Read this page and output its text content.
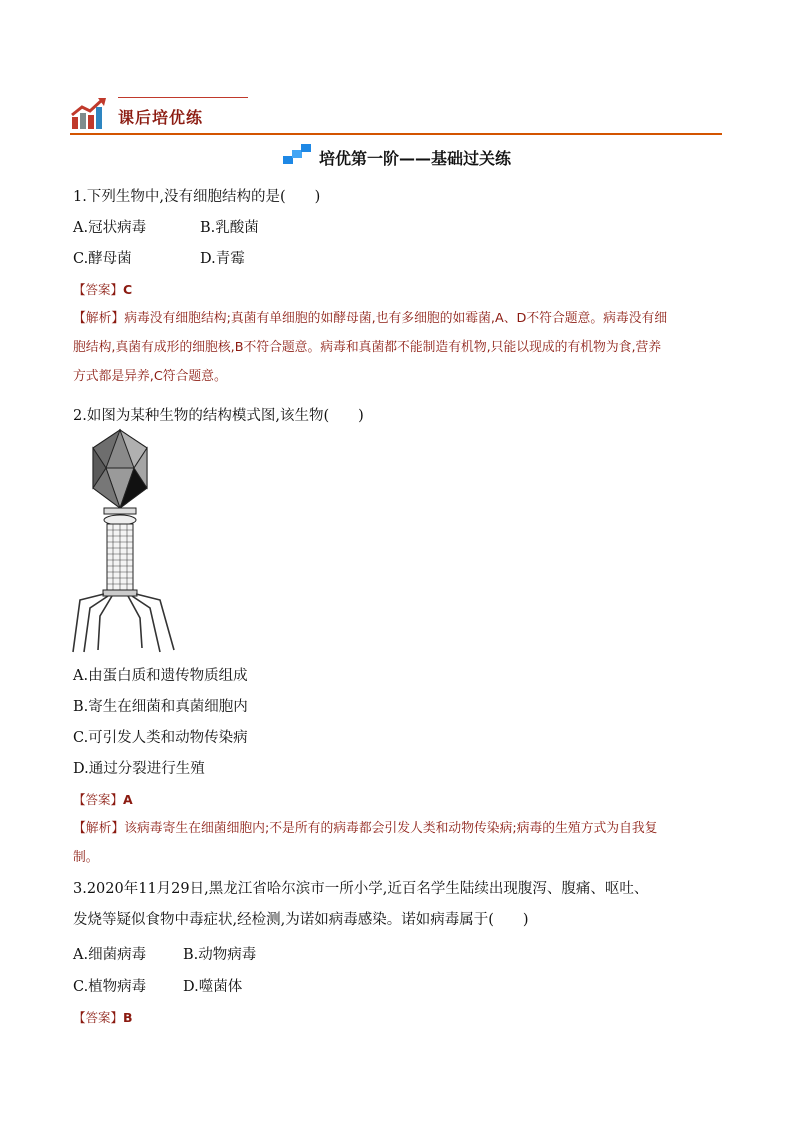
课后培优练
培优第一阶——基础过关练
1.下列生物中,没有细胞结构的是(　　)
A.冠状病毒	B.乳酸菌
C.酵母菌	D.青霉
【答案】C
【解析】病毒没有细胞结构;真菌有单细胞的如酵母菌,也有多细胞的如霉菌,A、D不符合题意。病毒没有细
胞结构,真菌有成形的细胞核,B不符合题意。病毒和真菌都不能制造有机物,只能以现成的有机物为食,营养
方式都是异养,C符合题意。
2.如图为某种生物的结构模式图,该生物(　　)
A.由蛋白质和遗传物质组成
B.寄生在细菌和真菌细胞内
C.可引发人类和动物传染病
D.通过分裂进行生殖
【答案】A
【解析】该病毒寄生在细菌细胞内;不是所有的病毒都会引发人类和动物传染病;病毒的生殖方式为自我复
制。
3.2020年11月29日,黑龙江省哈尔滨市一所小学,近百名学生陆续出现腹泻、腹痛、呕吐、
发烧等疑似食物中毒症状,经检测,为诺如病毒感染。诺如病毒属于(　　)
A.细菌病毒	B.动物病毒
C.植物病毒	D.噬菌体
【答案】B
